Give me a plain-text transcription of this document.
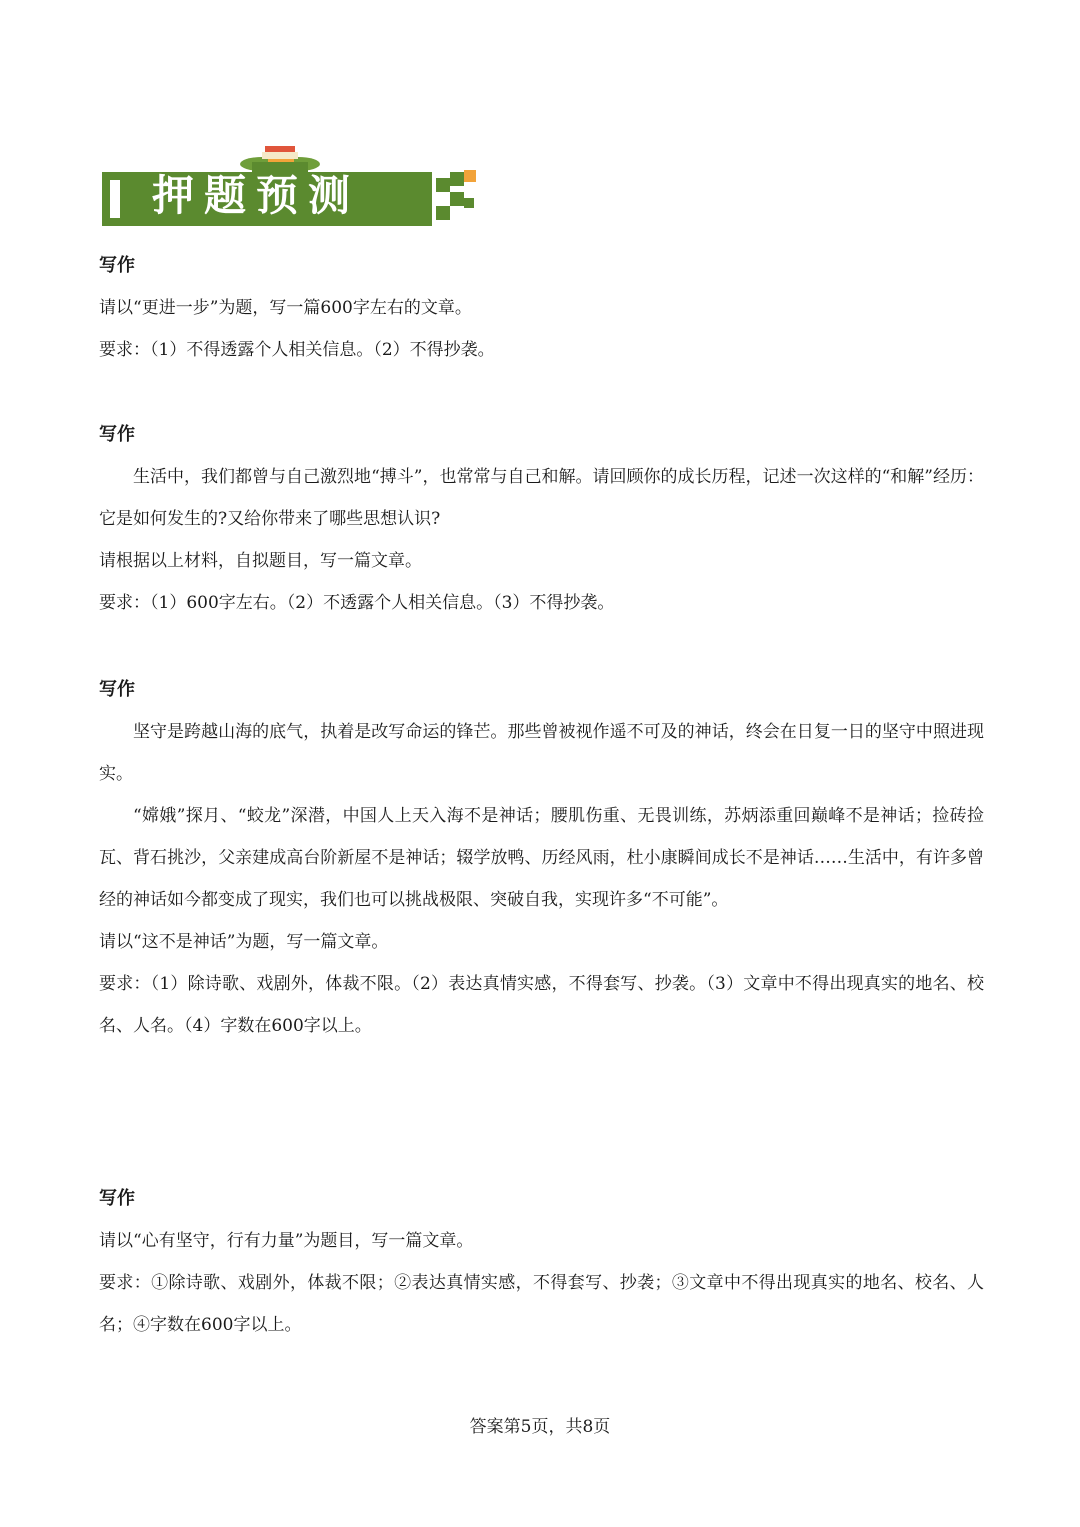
押题预测

写作

请以“更进一步”为题，写一篇600字左右的文章。

要求：（1）不得透露个人相关信息。（2）不得抄袭。

写作

生活中，我们都曾与自己激烈地“搏斗”，也常常与自己和解。请回顾你的成长历程，记述一次这样的“和解”经历：它是如何发生的?又给你带来了哪些思想认识?

请根据以上材料，自拟题目，写一篇文章。

要求：（1）600字左右。（2）不透露个人相关信息。（3）不得抄袭。

写作

坚守是跨越山海的底气，执着是改写命运的锋芒。那些曾被视作遥不可及的神话，终会在日复一日的坚守中照进现实。

“嫦娥”探月、“蛟龙”深潜，中国人上天入海不是神话；腰肌伤重、无畏训练，苏炳添重回巅峰不是神话；捡砖捡瓦、背石挑沙，父亲建成高台阶新屋不是神话；辍学放鸭、历经风雨，杜小康瞬间成长不是神话……生活中，有许多曾经的神话如今都变成了现实，我们也可以挑战极限、突破自我，实现许多“不可能”。

请以“这不是神话”为题，写一篇文章。

要求：（1）除诗歌、戏剧外，体裁不限。（2）表达真情实感，不得套写、抄袭。（3）文章中不得出现真实的地名、校名、人名。（4）字数在600字以上。

写作

请以“心有坚守，行有力量”为题目，写一篇文章。

要求：①除诗歌、戏剧外，体裁不限；②表达真情实感，不得套写、抄袭；③文章中不得出现真实的地名、校名、人名；④字数在600字以上。

答案第5页，共8页
